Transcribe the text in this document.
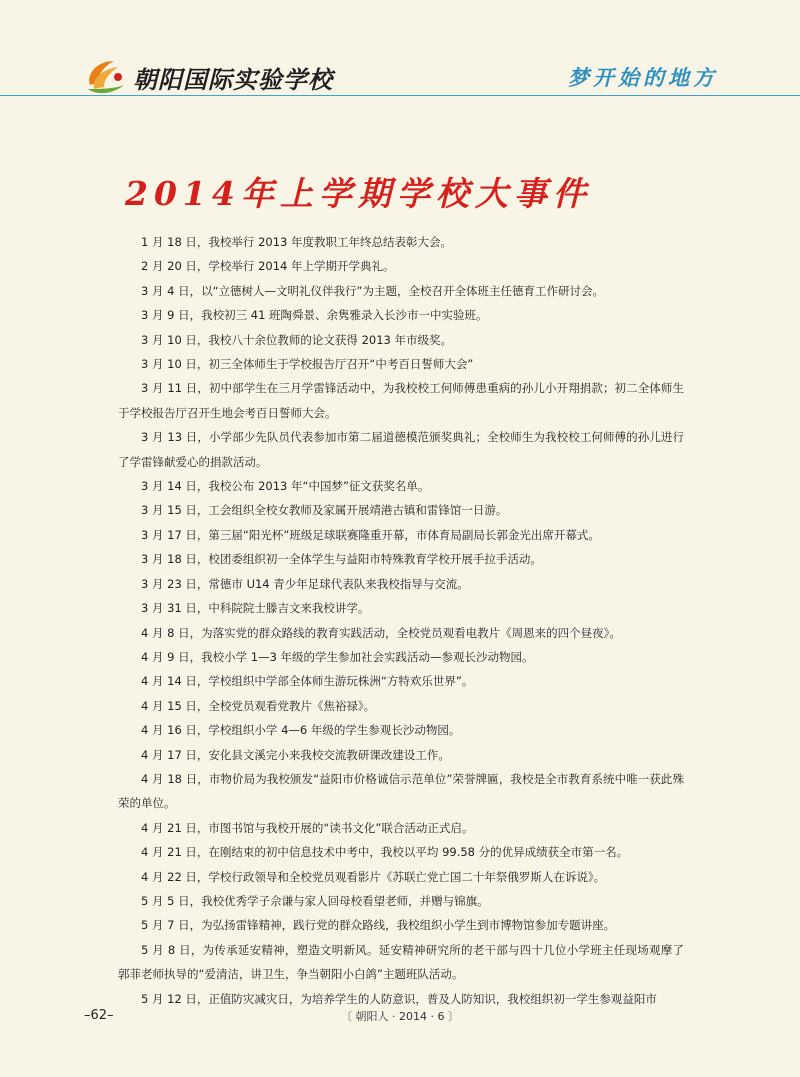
朝阳国际实验学校	梦开始的地方
2014年上学期学校大事件

1 月 18 日，我校举行 2013 年度教职工年终总结表彰大会。

2 月 20 日，学校举行 2014 年上学期开学典礼。

3 月 4 日，以“立德树人—文明礼仪伴我行”为主题，全校召开全体班主任德育工作研讨会。

3 月 9 日，我校初三 41 班陶舜景、余隽雅录入长沙市一中实验班。

3 月 10 日，我校八十余位教师的论文获得 2013 年市级奖。

3 月 10 日，初三全体师生于学校报告厅召开“中考百日誓师大会”

3 月 11 日，初中部学生在三月学雷锋活动中，为我校校工何师傅患重病的孙儿小开翔捐款；初二全体师生于学校报告厅召开生地会考百日誓师大会。

3 月 13 日，小学部少先队员代表参加市第二届道德模范颁奖典礼；全校师生为我校校工何师傅的孙儿进行了学雷锋献爱心的捐款活动。

3 月 14 日，我校公布 2013 年“中国梦”征文获奖名单。

3 月 15 日，工会组织全校女教师及家属开展靖港古镇和雷锋馆一日游。

3 月 17 日，第三届“阳光杯”班级足球联赛隆重开幕，市体育局副局长郭金光出席开幕式。

3 月 18 日，校团委组织初一全体学生与益阳市特殊教育学校开展手拉手活动。

3 月 23 日，常德市 U14 青少年足球代表队来我校指导与交流。

3 月 31 日，中科院院士滕吉文来我校讲学。

4 月 8 日，为落实党的群众路线的教育实践活动，全校党员观看电教片《周恩来的四个昼夜》。

4 月 9 日，我校小学 1—3 年级的学生参加社会实践活动—参观长沙动物园。

4 月 14 日，学校组织中学部全体师生游玩株洲“方特欢乐世界”。

4 月 15 日，全校党员观看党教片《焦裕禄》。

4 月 16 日，学校组织小学 4—6 年级的学生参观长沙动物园。

4 月 17 日，安化县文溪完小来我校交流教研课改建设工作。

4 月 18 日，市物价局为我校颁发“益阳市价格诚信示范单位”荣誉牌匾，我校是全市教育系统中唯一获此殊荣的单位。

4 月 21 日，市图书馆与我校开展的“读书文化”联合活动正式启。

4 月 21 日，在刚结束的初中信息技术中考中，我校以平均 99.58 分的优异成绩获全市第一名。

4 月 22 日，学校行政领导和全校党员观看影片《苏联亡党亡国二十年祭俄罗斯人在诉说》。

5 月 5 日，我校优秀学子佘谦与家人回母校看望老师，并赠与锦旗。

5 月 7 日，为弘扬雷锋精神，践行党的群众路线，我校组织小学生到市博物馆参加专题讲座。

5 月 8 日，为传承延安精神，塑造文明新风。延安精神研究所的老干部与四十几位小学班主任现场观摩了郭菲老师执导的“爱清洁，讲卫生，争当朝阳小白鸽”主题班队活动。

5 月 12 日，正值防灾减灾日，为培养学生的人防意识，普及人防知识，我校组织初一学生参观益阳市

–62–	〔 朝阳人 · 2014 · 6 〕
